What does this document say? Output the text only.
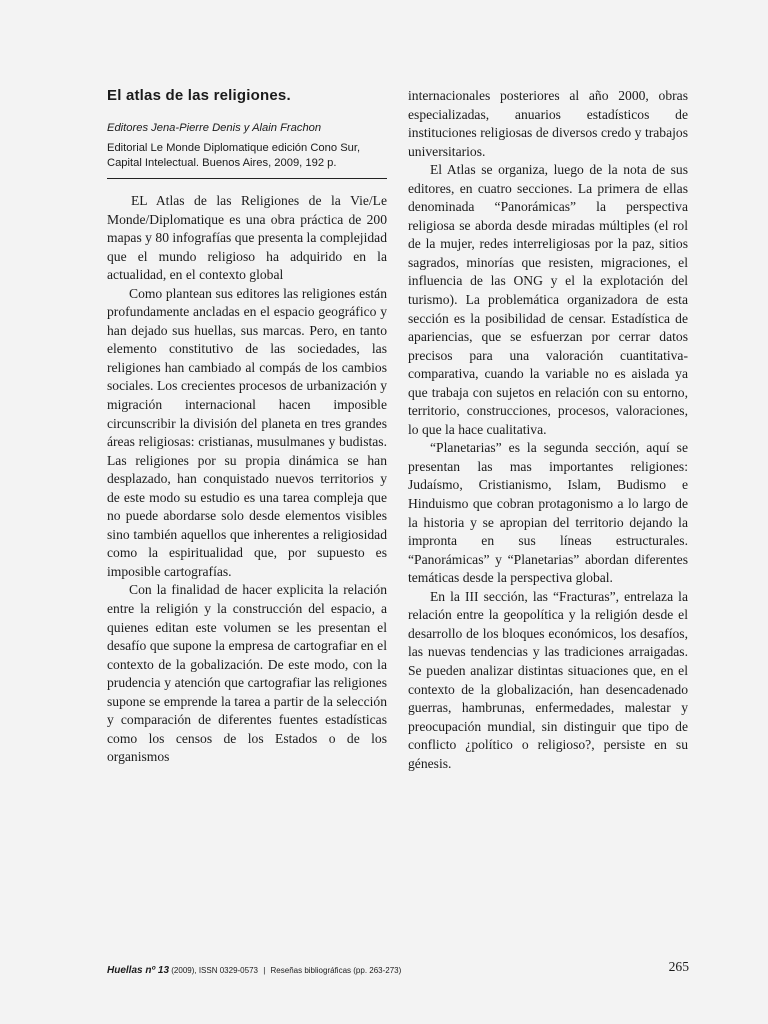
El atlas de las religiones.

Editores Jena-Pierre Denis y Alain Frachon

Editorial Le Monde Diplomatique edición Cono Sur, Capital Intelectual. Buenos Aires, 2009, 192 p.

EL Atlas de las Religiones de la Vie/Le Monde/Diplomatique es una obra práctica de 200 mapas y 80 infografías que presenta la complejidad que el mundo religioso ha adquirido en la actualidad, en el contexto global

Como plantean sus editores las religiones están profundamente ancladas en el espacio geográfico y han dejado sus huellas, sus marcas. Pero, en tanto elemento constitutivo de las sociedades, las religiones han cambiado al compás de los cambios sociales. Los crecientes procesos de urbanización y migración internacional hacen imposible circunscribir la división del planeta en tres grandes áreas religiosas: cristianas, musulmanes y budistas. Las religiones por su propia dinámica se han desplazado, han conquistado nuevos territorios y de este modo su estudio es una tarea compleja que no puede abordarse solo desde elementos visibles sino también aquellos que inherentes a religiosidad como la espiritualidad que, por supuesto es imposible cartografías.

Con la finalidad de hacer explicita la relación entre la religión y la construcción del espacio, a quienes editan este volumen se les presentan el desafío que supone la empresa de cartografiar en el contexto de la gobalización. De este modo, con la prudencia y atención que cartografiar las religiones supone se emprende la tarea a partir de la selección y comparación de diferentes fuentes estadísticas como los censos de los Estados o de los organismos

internacionales posteriores al año 2000, obras especializadas, anuarios estadísticos de instituciones religiosas de diversos credo y trabajos universitarios.

El Atlas se organiza, luego de la nota de sus editores, en cuatro secciones. La primera de ellas denominada “Panorámicas” la perspectiva religiosa se aborda desde miradas múltiples (el rol de la mujer, redes interreligiosas por la paz, sitios sagrados, minorías que resisten, migraciones, el influencia de las ONG y el la explotación del turismo). La problemática organizadora de esta sección es la posibilidad de censar. Estadística de apariencias, que se esfuerzan por cerrar datos precisos para una valoración cuantitativa-comparativa, cuando la variable no es aislada ya que trabaja con sujetos en relación con su entorno, territorio, construcciones, procesos, valoraciones, lo que la hace cualitativa.

“Planetarias” es la segunda sección, aquí se presentan las mas importantes religiones: Judaísmo, Cristianismo, Islam, Budismo e Hinduismo que cobran protagonismo a lo largo de la historia y se apropian del territorio dejando la impronta en sus líneas estructurales. “Panorámicas” y “Planetarias” abordan diferentes temáticas desde la perspectiva global.

En la III sección, las “Fracturas”, entrelaza la relación entre la geopolítica y la religión desde el desarrollo de los bloques económicos, los desafíos, las nuevas tendencias y las tradiciones arraigadas. Se pueden analizar distintas situaciones que, en el contexto de la globalización, han desencadenado guerras, hambrunas, enfermedades, malestar y preocupación mundial, sin distinguir que tipo de conflicto ¿político o religioso?, persiste en su génesis.

Huellas nº 13 (2009), ISSN 0329-0573 | Reseñas bibliográficas (pp. 263-273)	265
